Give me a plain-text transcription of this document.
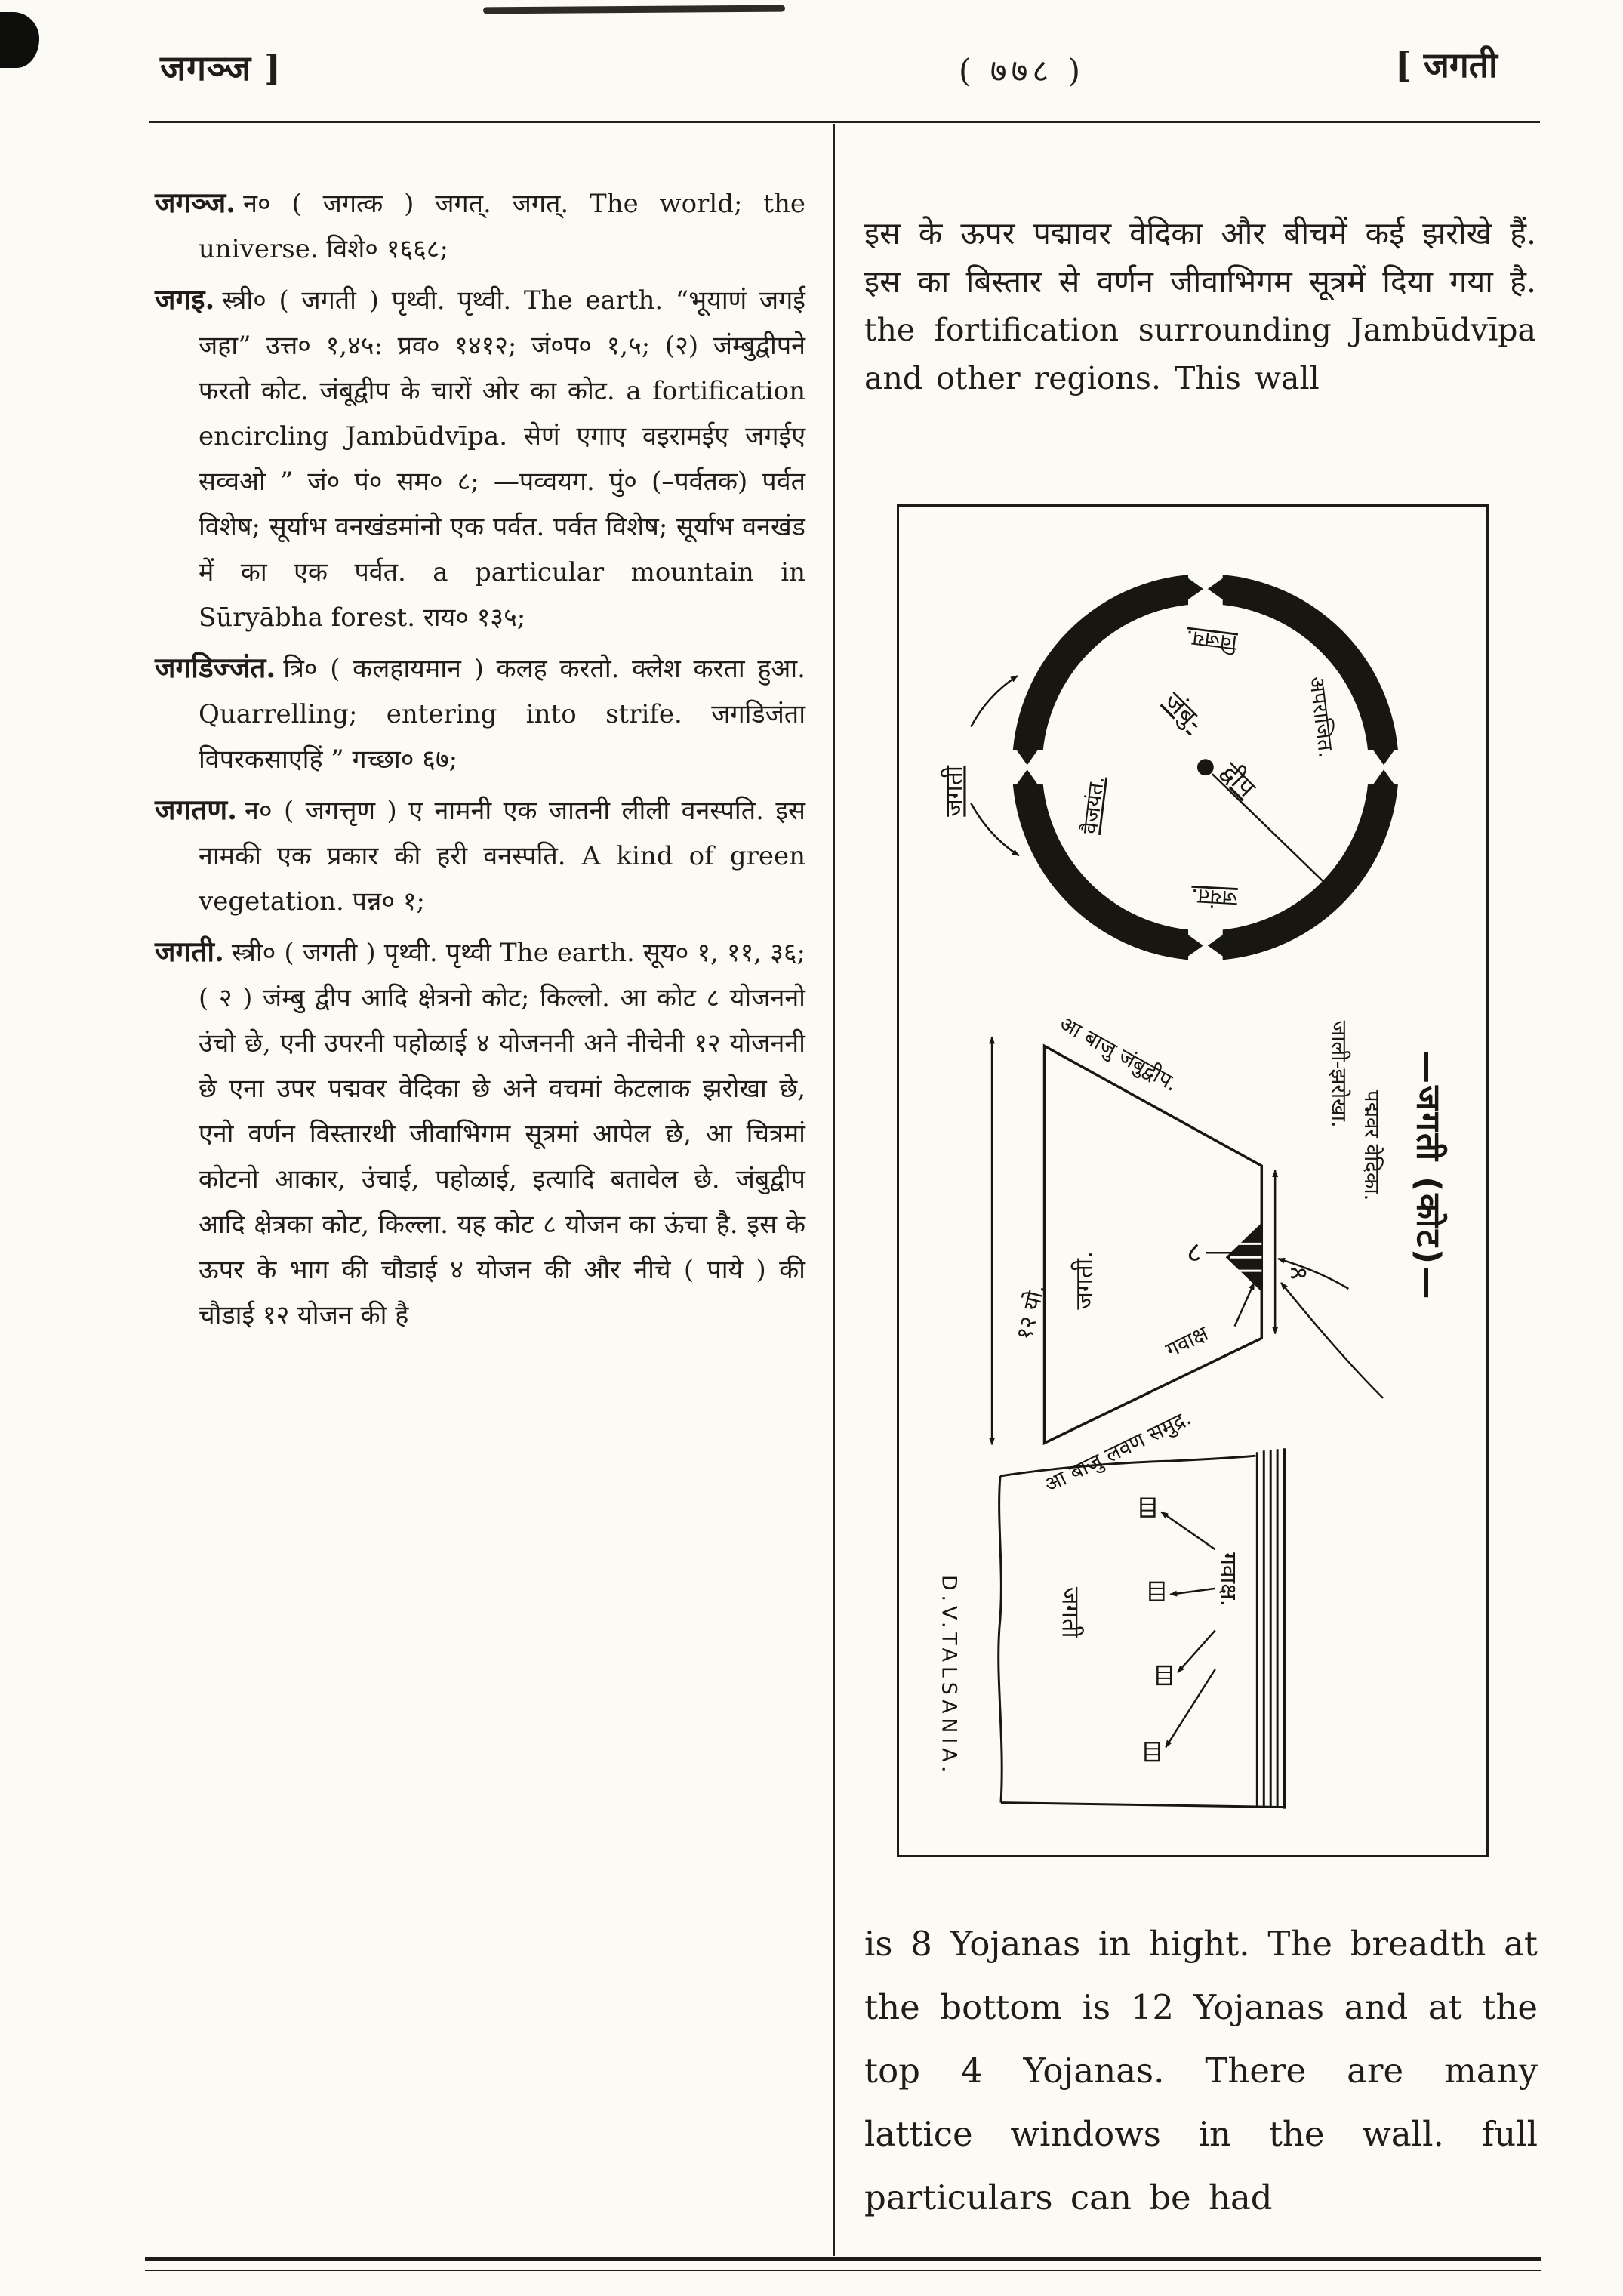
जगञ्ज ]	( ७७८ )	[ जगती

जगञ्ज. न० ( जगत्क ) जगत्. जगत्. The world; the universe. विशे० १६६८;

जगइ. स्त्री० ( जगती ) पृथ्वी. पृथ्वी. The earth. “भूयाणं जगई जहा” उत्त० १,४५: प्रव० १४१२; जं०प० १,५; (२) जंम्बुद्वीपने फरतो कोट. जंबूद्वीप के चारों ओर का कोट. a fortification encircling Jambūdvīpa. सेणं एगाए वइरामईए जगईए सव्वओ ” जं० पं० सम० ८; —पव्वयग. पुं० (–पर्वतक) पर्वत विशेष; सूर्याभ वनखंडमांनो एक पर्वत. पर्वत विशेष; सूर्याभ वनखंड में का एक पर्वत. a particular mountain in Sūryābha forest. राय० १३५;

जगडिज्जंत. त्रि० ( कलहायमान ) कलह करतो. क्लेश करता हुआ. Quarrelling; entering into strife. जगडिजंता विपरकसाएहिं ” गच्छा० ६७;

जगतण. न० ( जगत्तृण ) ए नामनी एक जातनी लीली वनस्पति. इस नामकी एक प्रकार की हरी वनस्पति. A kind of green vegetation. पन्न० १;

जगती. स्त्री० ( जगती ) पृथ्वी. पृथ्वी The earth. सूय० १, ११, ३६; ( २ ) जंम्बु द्वीप आदि क्षेत्रनो कोट; किल्लो. आ कोट ८ योजननो उंचो छे, एनी उपरनी पहोळाई ४ योजननी अने नीचेनी १२ योजननी छे एना उपर पद्मवर वेदिका छे अने वचमां केटलाक झरोखा छे, एनो वर्णन विस्तारथी जीवाभिगम सूत्रमां आपेल छे, आ चित्रमां कोटनो आकार, उंचाई, पहोळाई, इत्यादि बतावेल छे. जंबुद्वीप आदि क्षेत्रका कोट, किल्ला. यह कोट ८ योजन का ऊंचा है. इस के ऊपर के भाग की चौडाई ४ योजन की और नीचे ( पाये ) की चौडाई १२ योजन की है

इस के ऊपर पद्मावर वेदिका और बीचमें कई झरोखे हैं. इस का बिस्तार से वर्णन जीवाभिगम सूत्रमें दिया गया है. the fortification surrounding Jambūdvīpa and other regions. This wall

जंबु-
द्वीप
विजय.
वैजयंत.
जयंत.
अपराजित.
जगती
१२ यो.
आ बाजु जंबुद्वीप.
आ बाजु लवण समुद्र.
जगती.	८
४
गवाक्ष
जाली-झरोखा.
पद्मवर वेदिका. —जगती (कोट)—
जगती
गवाक्ष.
D.V.TALSANIA.

is 8 Yojanas in hight. The breadth at the bottom is 12 Yojanas and at the top 4 Yojanas. There are many lattice windows in the wall. full particulars can be had
